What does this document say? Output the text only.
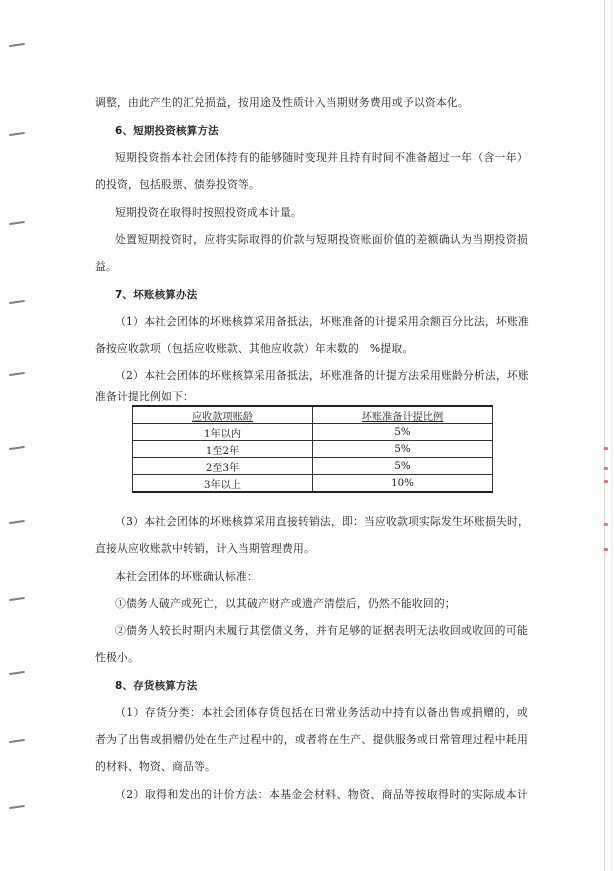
调整，由此产生的汇兑损益，按用途及性质计入当期财务费用或予以资本化。
6、短期投资核算方法
短期投资指本社会团体持有的能够随时变现并且持有时间不准备超过一年（含一年）
的投资，包括股票、债券投资等。
短期投资在取得时按照投资成本计量。
处置短期投资时，应将实际取得的价款与短期投资账面价值的差额确认为当期投资损
益。
7、坏账核算办法
（1）本社会团体的坏账核算采用备抵法，坏账准备的计提采用余额百分比法，坏账准
备按应收款项（包括应收账款、其他应收款）年末数的　%提取。
（2）本社会团体的坏账核算采用备抵法，坏账准备的计提方法采用账龄分析法，坏账
准备计提比例如下：
应收款项账龄	坏账准备计提比例
1年以内	5%
1至2年	5%
2至3年	5%
3年以上	10%
（3）本社会团体的坏账核算采用直接转销法，即：当应收款项实际发生坏账损失时，
直接从应收账款中转销，计入当期管理费用。
本社会团体的坏账确认标准：
①债务人破产或死亡，以其破产财产或遗产清偿后，仍然不能收回的；
②债务人较长时期内未履行其偿债义务，并有足够的证据表明无法收回或收回的可能
性极小。
8、存货核算方法
（1）存货分类：本社会团体存货包括在日常业务活动中持有以备出售或捐赠的，或
者为了出售或捐赠仍处在生产过程中的，或者将在生产、提供服务或日常管理过程中耗用
的材料、物资、商品等。
（2）取得和发出的计价方法：本基金会材料、物资、商品等按取得时的实际成本计
